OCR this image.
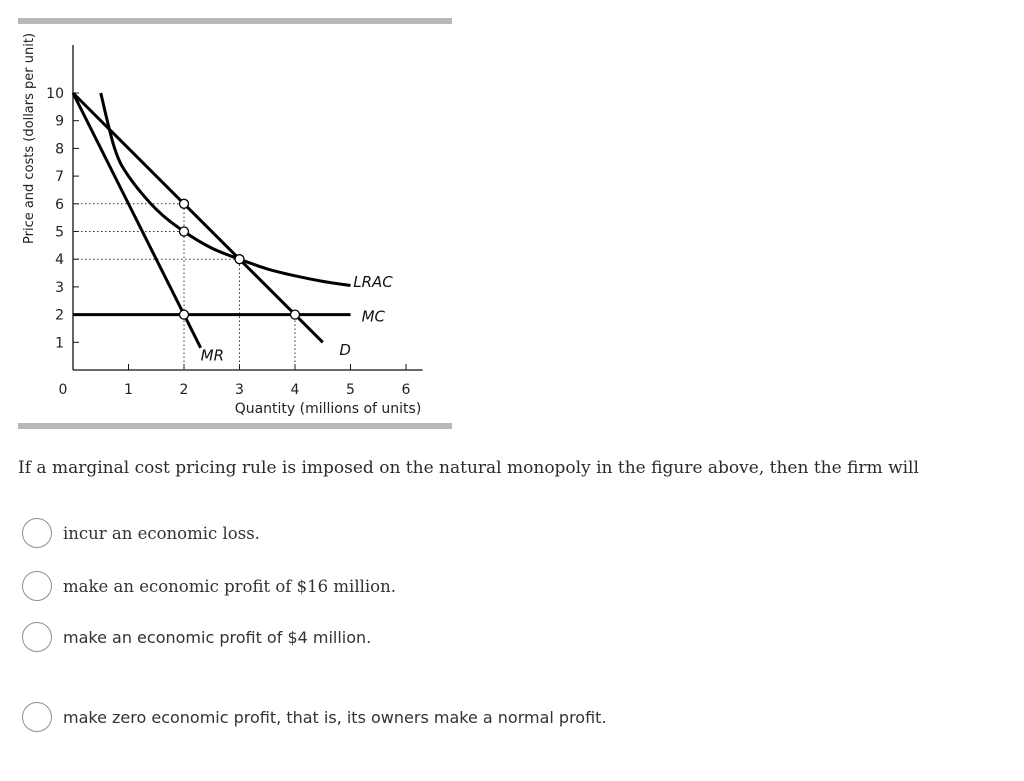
Price and costs (dollars per unit)
Quantity (millions of units)
1
2
3
4
5
6
7
8
9
10
0	1	2	3	4	5	6
D
MR
MC
LRAC

If a marginal cost pricing rule is imposed on the natural monopoly in the figure above, then the firm will

incur an economic loss.
make an economic profit of $16 million.
make an economic profit of $4 million.
make zero economic profit, that is, its owners make a normal profit.
